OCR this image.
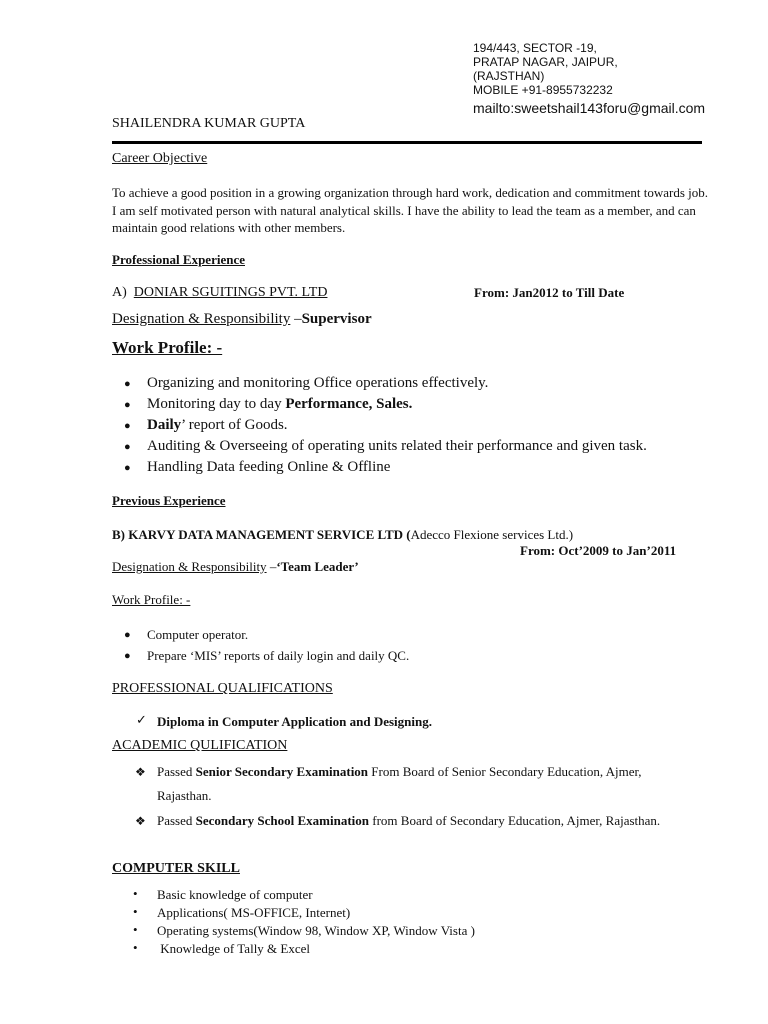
194/443, SECTOR -19,

PRATAP NAGAR, JAIPUR,

(RAJSTHAN)

MOBILE +91-8955732232

mailto:sweetshail143foru@gmail.com

SHAILENDRA KUMAR GUPTA

Career Objective

To achieve a good position in a growing organization through hard work, dedication and commitment towards job. I am self motivated person with natural analytical skills. I have the ability to lead the team as a member, and can maintain good relations with other members.

Professional Experience

A) DONIAR SGUITINGS PVT. LTD	From: Jan2012 to Till Date

Designation & Responsibility –Supervisor

Work Profile: -

● Organizing and monitoring Office operations effectively.

● Monitoring day to day Performance, Sales.

● Daily’ report of Goods.

● Auditing & Overseeing of operating units related their performance and given task.

● Handling Data feeding Online & Offline

Previous Experience

B) KARVY DATA MANAGEMENT SERVICE LTD (Adecco Flexione services Ltd.)

From: Oct’2009 to Jan’2011

Designation & Responsibility –‘Team Leader’

Work Profile: -

● Computer operator.

● Prepare ‘MIS’ reports of daily login and daily QC.

PROFESSIONAL QUALIFICATIONS

✓ Diploma in Computer Application and Designing.

ACADEMIC QULIFICATION

❖ Passed Senior Secondary Examination From Board of Senior Secondary Education, Ajmer,

Rajasthan.

❖ Passed Secondary School Examination from Board of Secondary Education, Ajmer, Rajasthan.

COMPUTER SKILL

• Basic knowledge of computer

• Applications( MS-OFFICE, Internet)

• Operating systems(Window 98, Window XP, Window Vista )

• Knowledge of Tally & Excel
